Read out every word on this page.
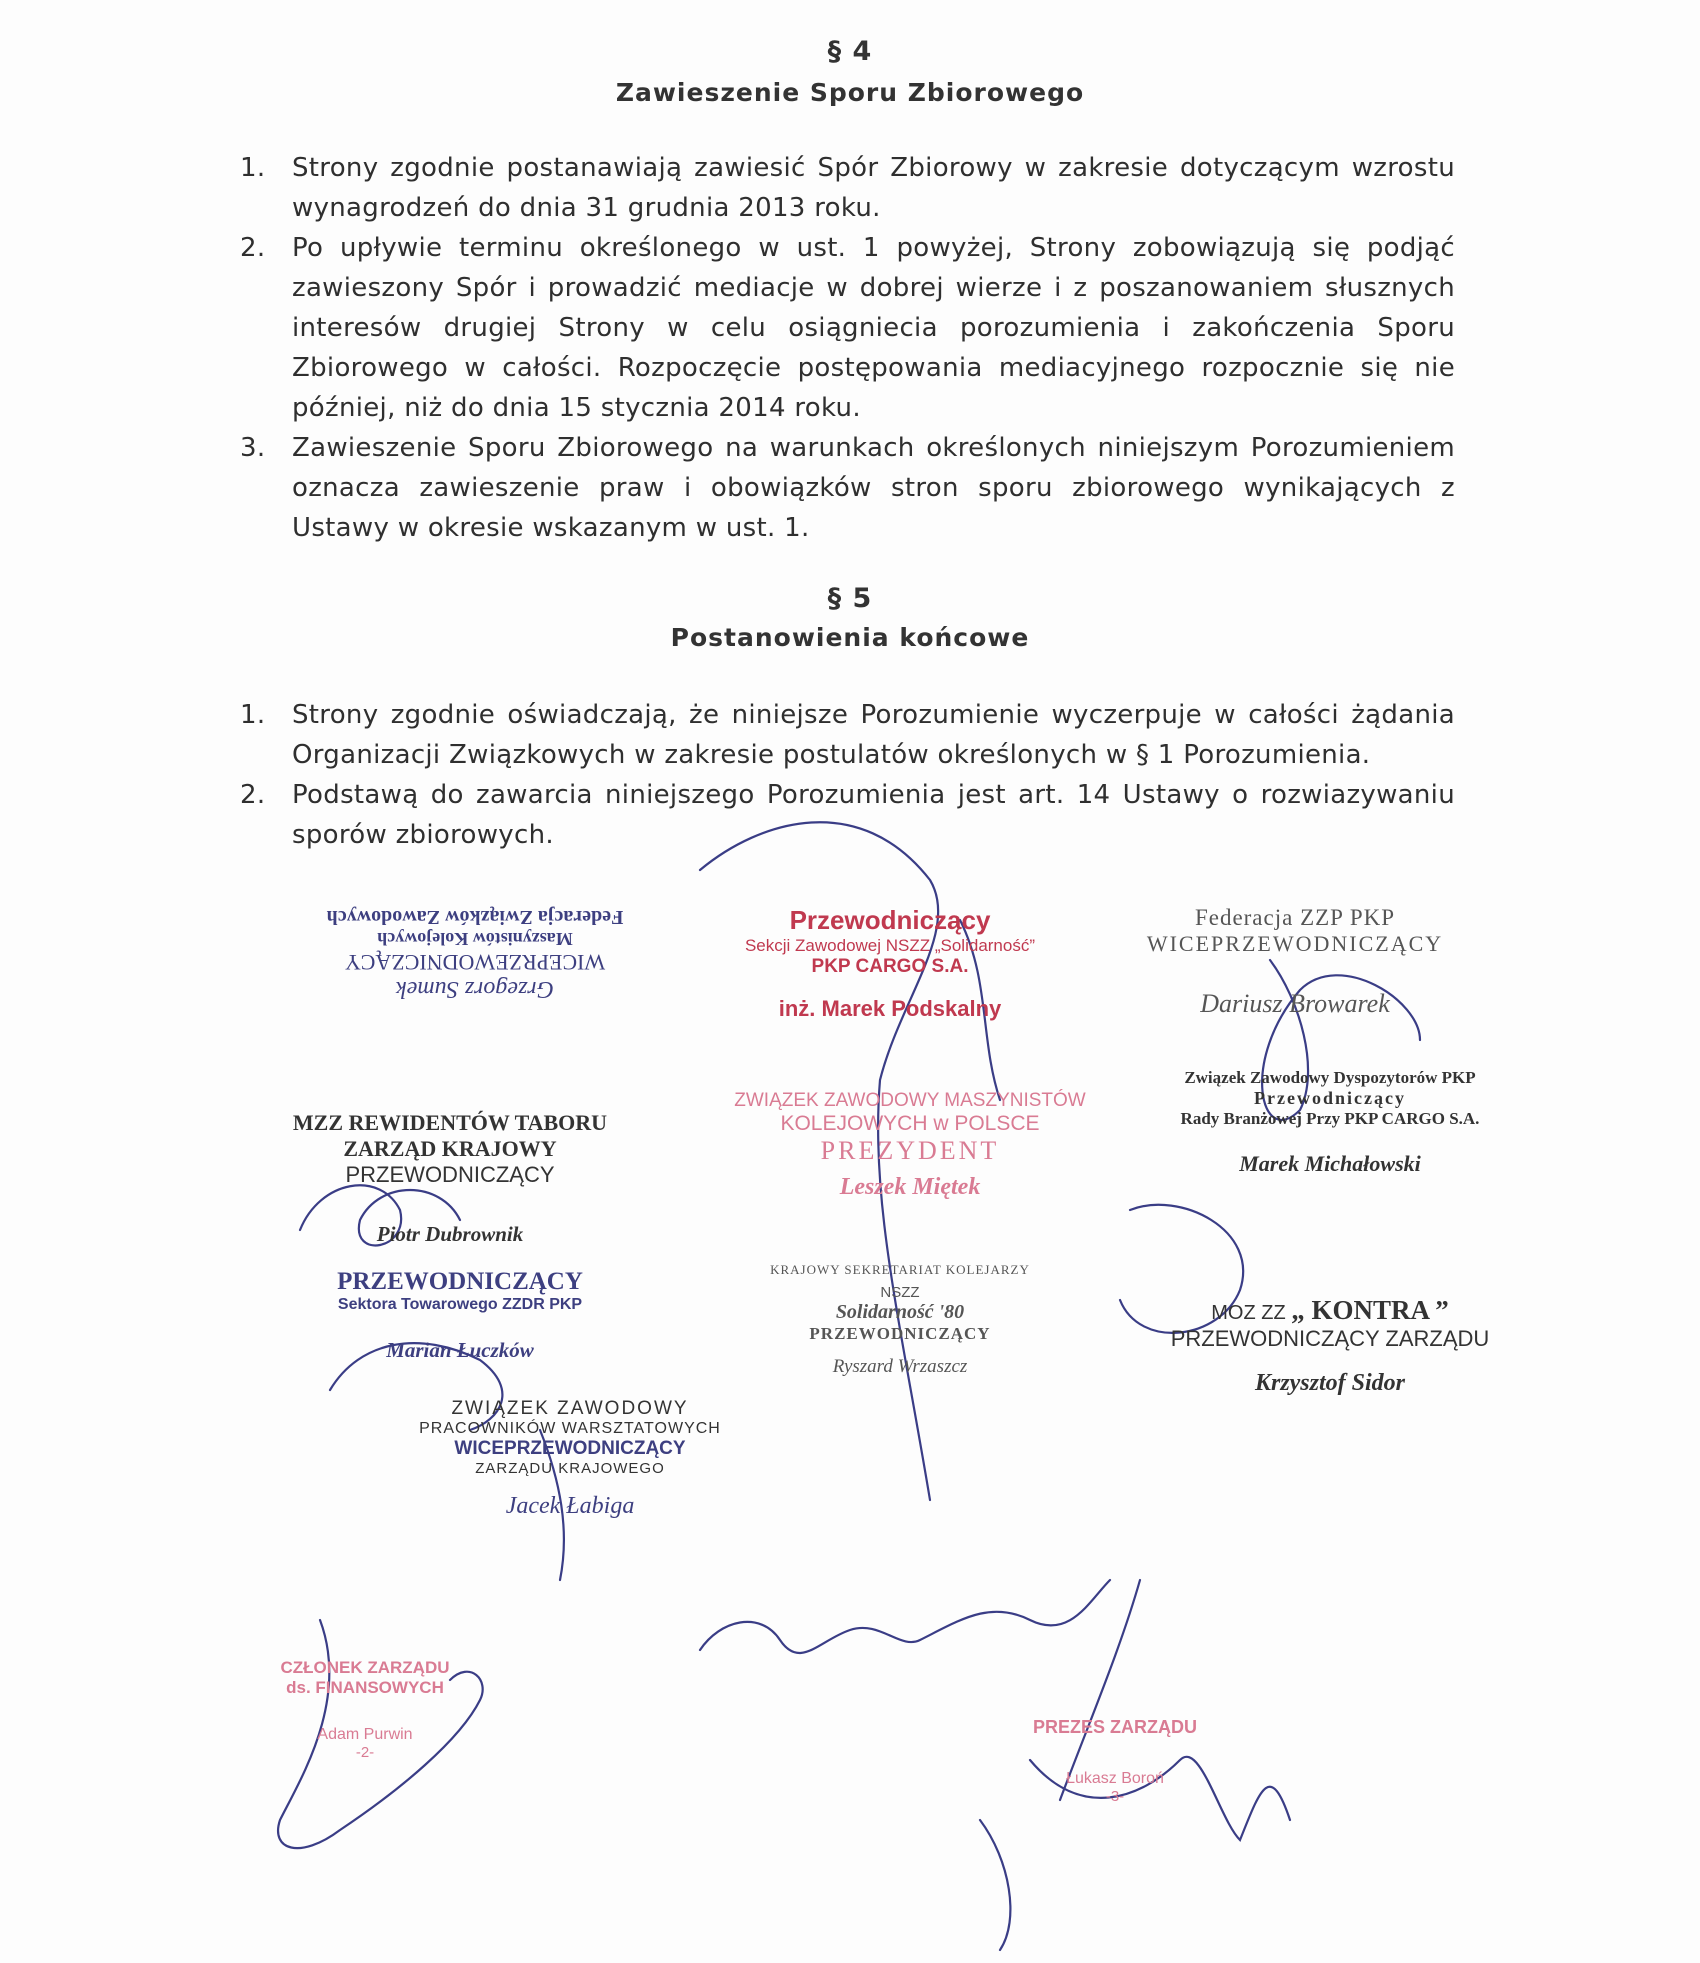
§ 4
Zawieszenie Sporu Zbiorowego
1. Strony zgodnie postanawiają zawiesić Spór Zbiorowy w zakresie dotyczącym wzrostu wynagrodzeń do dnia 31 grudnia 2013 roku.
2. Po upływie terminu określonego w ust. 1 powyżej, Strony zobowiązują się podjąć zawieszony Spór i prowadzić mediacje w dobrej wierze i z poszanowaniem słusznych interesów drugiej Strony w celu osiągniecia porozumienia i zakończenia Sporu Zbiorowego w całości. Rozpoczęcie postępowania mediacyjnego rozpocznie się nie później, niż do dnia 15 stycznia 2014 roku.
3. Zawieszenie Sporu Zbiorowego na warunkach określonych niniejszym Porozumieniem oznacza zawieszenie praw i obowiązków stron sporu zbiorowego wynikających z Ustawy w okresie wskazanym w ust. 1.
§ 5
Postanowienia końcowe
1. Strony zgodnie oświadczają, że niniejsze Porozumienie wyczerpuje w całości żądania Organizacji Związkowych w zakresie postulatów określonych w § 1 Porozumienia.
2. Podstawą do zawarcia niniejszego Porozumienia jest art. 14 Ustawy o rozwiazywaniu sporów zbiorowych.
Grzegorz Sumek
WICEPRZEWODNICZĄCY
Maszynistów Kolejowych
Federacja Związków Zawodowych	Przewodniczący
Sekcji Zawodowej NSZZ „Solidarność”
PKP CARGO S.A.
inż. Marek Podskalny
Federacja ZZP PKP
WICEPRZEWODNICZĄCY
Dariusz Browarek
Związek Zawodowy Dyspozytorów PKP
Przewodniczący
Rady Branżowej Przy PKP CARGO S.A.
Marek Michałowski
ZWIĄZEK ZAWODOWY MASZYNISTÓW
KOLEJOWYCH w POLSCE
PREZYDENT
Leszek Miętek
MZZ REWIDENTÓW TABORU
ZARZĄD KRAJOWY
PRZEWODNICZĄCY
Piotr Dubrownik
PRZEWODNICZĄCY
Sektora Towarowego ZZDR PKP
Marian Łuczków
KRAJOWY SEKRETARIAT KOLEJARZY
NSZZ
Solidarność '80
PRZEWODNICZĄCY
Ryszard Wrzaszcz
MOZ ZZ „ KONTRA ”
PRZEWODNICZĄCY ZARZĄDU
Krzysztof Sidor
ZWIĄZEK ZAWODOWY
PRACOWNIKÓW WARSZTATOWYCH
WICEPRZEWODNICZĄCY
ZARZĄDU KRAJOWEGO
Jacek Łabiga
CZŁONEK ZARZĄDU
ds. FINANSOWYCH
Adam Purwin
-2-
PREZES ZARZĄDU
Łukasz Boroń
-3-
